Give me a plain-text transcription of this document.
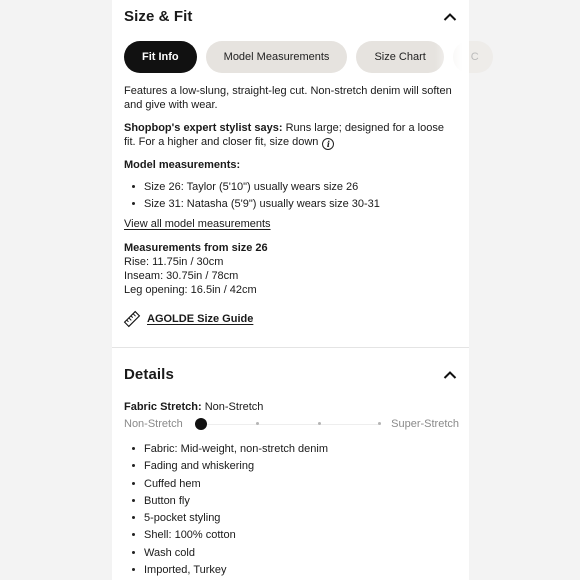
Size & Fit
Fit Info	Model Measurements	Size Chart	C

Features a low-slung, straight-leg cut. Non-stretch denim will soften and give with wear.

Shopbop's expert stylist says: Runs large; designed for a loose fit. For a higher and closer fit, size down i

Model measurements:

Size 26: Taylor (5'10") usually wears size 26
Size 31: Natasha (5'9") usually wears size 30-31

View all model measurements

Measurements from size 26

Rise: 11.75in / 30cm

Inseam: 30.75in / 78cm

Leg opening: 16.5in / 42cm

AGOLDE Size Guide
Details

Fabric Stretch: Non-Stretch

Non-Stretch	Super-Stretch
Fabric: Mid-weight, non-stretch denim
Fading and whiskering
Cuffed hem
Button fly
5-pocket styling
Shell: 100% cotton
Wash cold
Imported, Turkey
